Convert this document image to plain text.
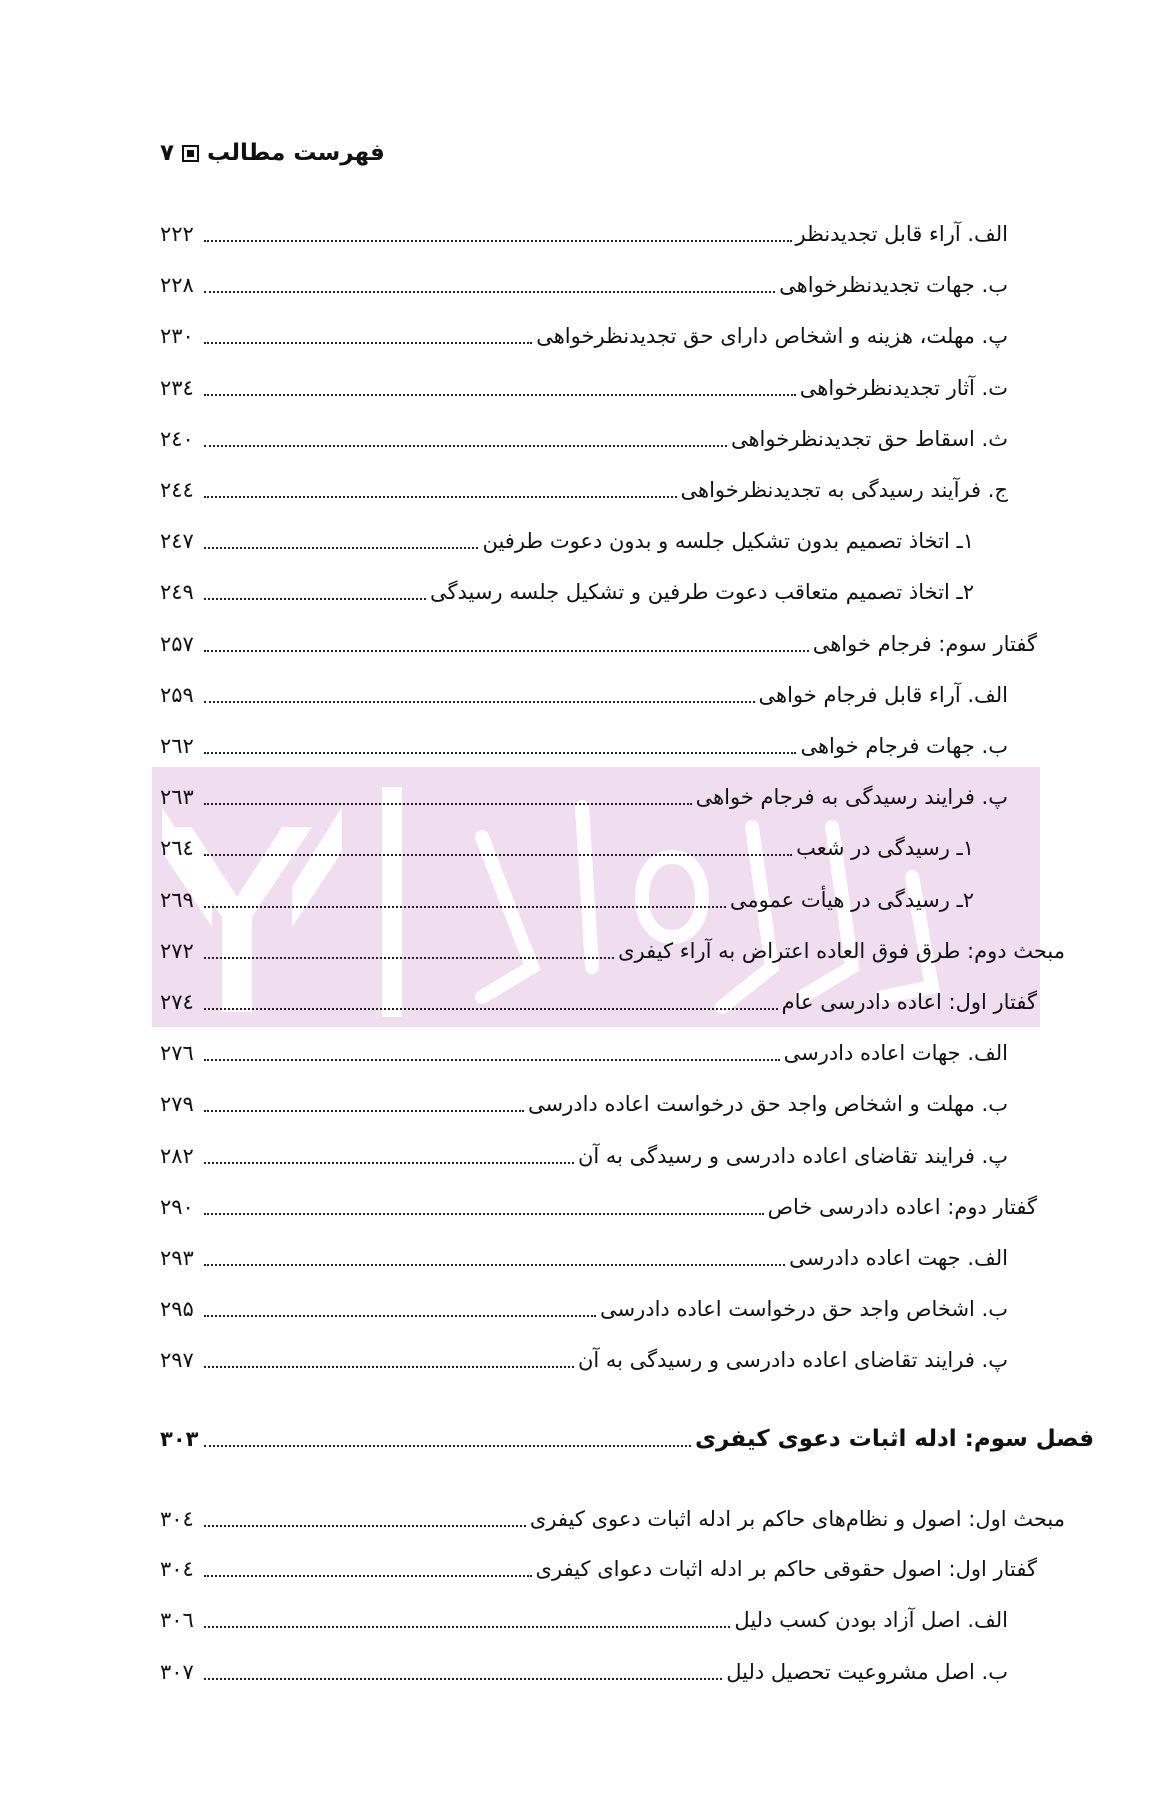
۷ فهرست مطالب
الف. آراء قابل تجدیدنظر
۲۲۲
ب. جهات تجدیدنظرخواهی
۲۲۸
پ. مهلت، هزینه و اشخاص دارای حق تجدیدنظرخواهی
۲۳۰
ت. آثار تجدیدنظرخواهی
۲۳٤
ث. اسقاط حق تجدیدنظرخواهی
۲٤۰
ج. فرآیند رسیدگی به تجدیدنظرخواهی
۲٤٤
۱ـ اتخاذ تصمیم بدون تشکیل جلسه و بدون دعوت طرفین
۲٤۷
۲ـ اتخاذ تصمیم متعاقب دعوت طرفین و تشکیل جلسه رسیدگی
۲٤۹
گفتار سوم: فرجام خواهی
۲۵۷
الف. آراء قابل فرجام خواهی
۲۵۹
ب. جهات فرجام خواهی
۲٦۲
پ. فرایند رسیدگی به فرجام خواهی
۲٦۳
۱ـ رسیدگی در شعب
۲٦٤
۲ـ رسیدگی در هیأت عمومی
۲٦۹
مبحث دوم: طرق فوق العاده اعتراض به آراء کیفری
۲۷۲
گفتار اول: اعاده دادرسی عام
۲۷٤
الف. جهات اعاده دادرسی
۲۷٦
ب. مهلت و اشخاص واجد حق درخواست اعاده دادرسی
۲۷۹
پ. فرایند تقاضای اعاده دادرسی و رسیدگی به آن
۲۸۲
گفتار دوم: اعاده دادرسی خاص
۲۹۰
الف. جهت اعاده دادرسی
۲۹۳
ب. اشخاص واجد حق درخواست اعاده دادرسی
۲۹۵
پ. فرایند تقاضای اعاده دادرسی و رسیدگی به آن
۲۹۷
فصل سوم: ادله اثبات دعوی کیفری
۳۰۳
مبحث اول: اصول و نظام‌های حاکم بر ادله اثبات دعوی کیفری
۳۰٤
گفتار اول: اصول حقوقی حاکم بر ادله اثبات دعوای کیفری
۳۰٤
الف. اصل آزاد بودن کسب دلیل
۳۰٦
ب. اصل مشروعیت تحصیل دلیل
۳۰۷
